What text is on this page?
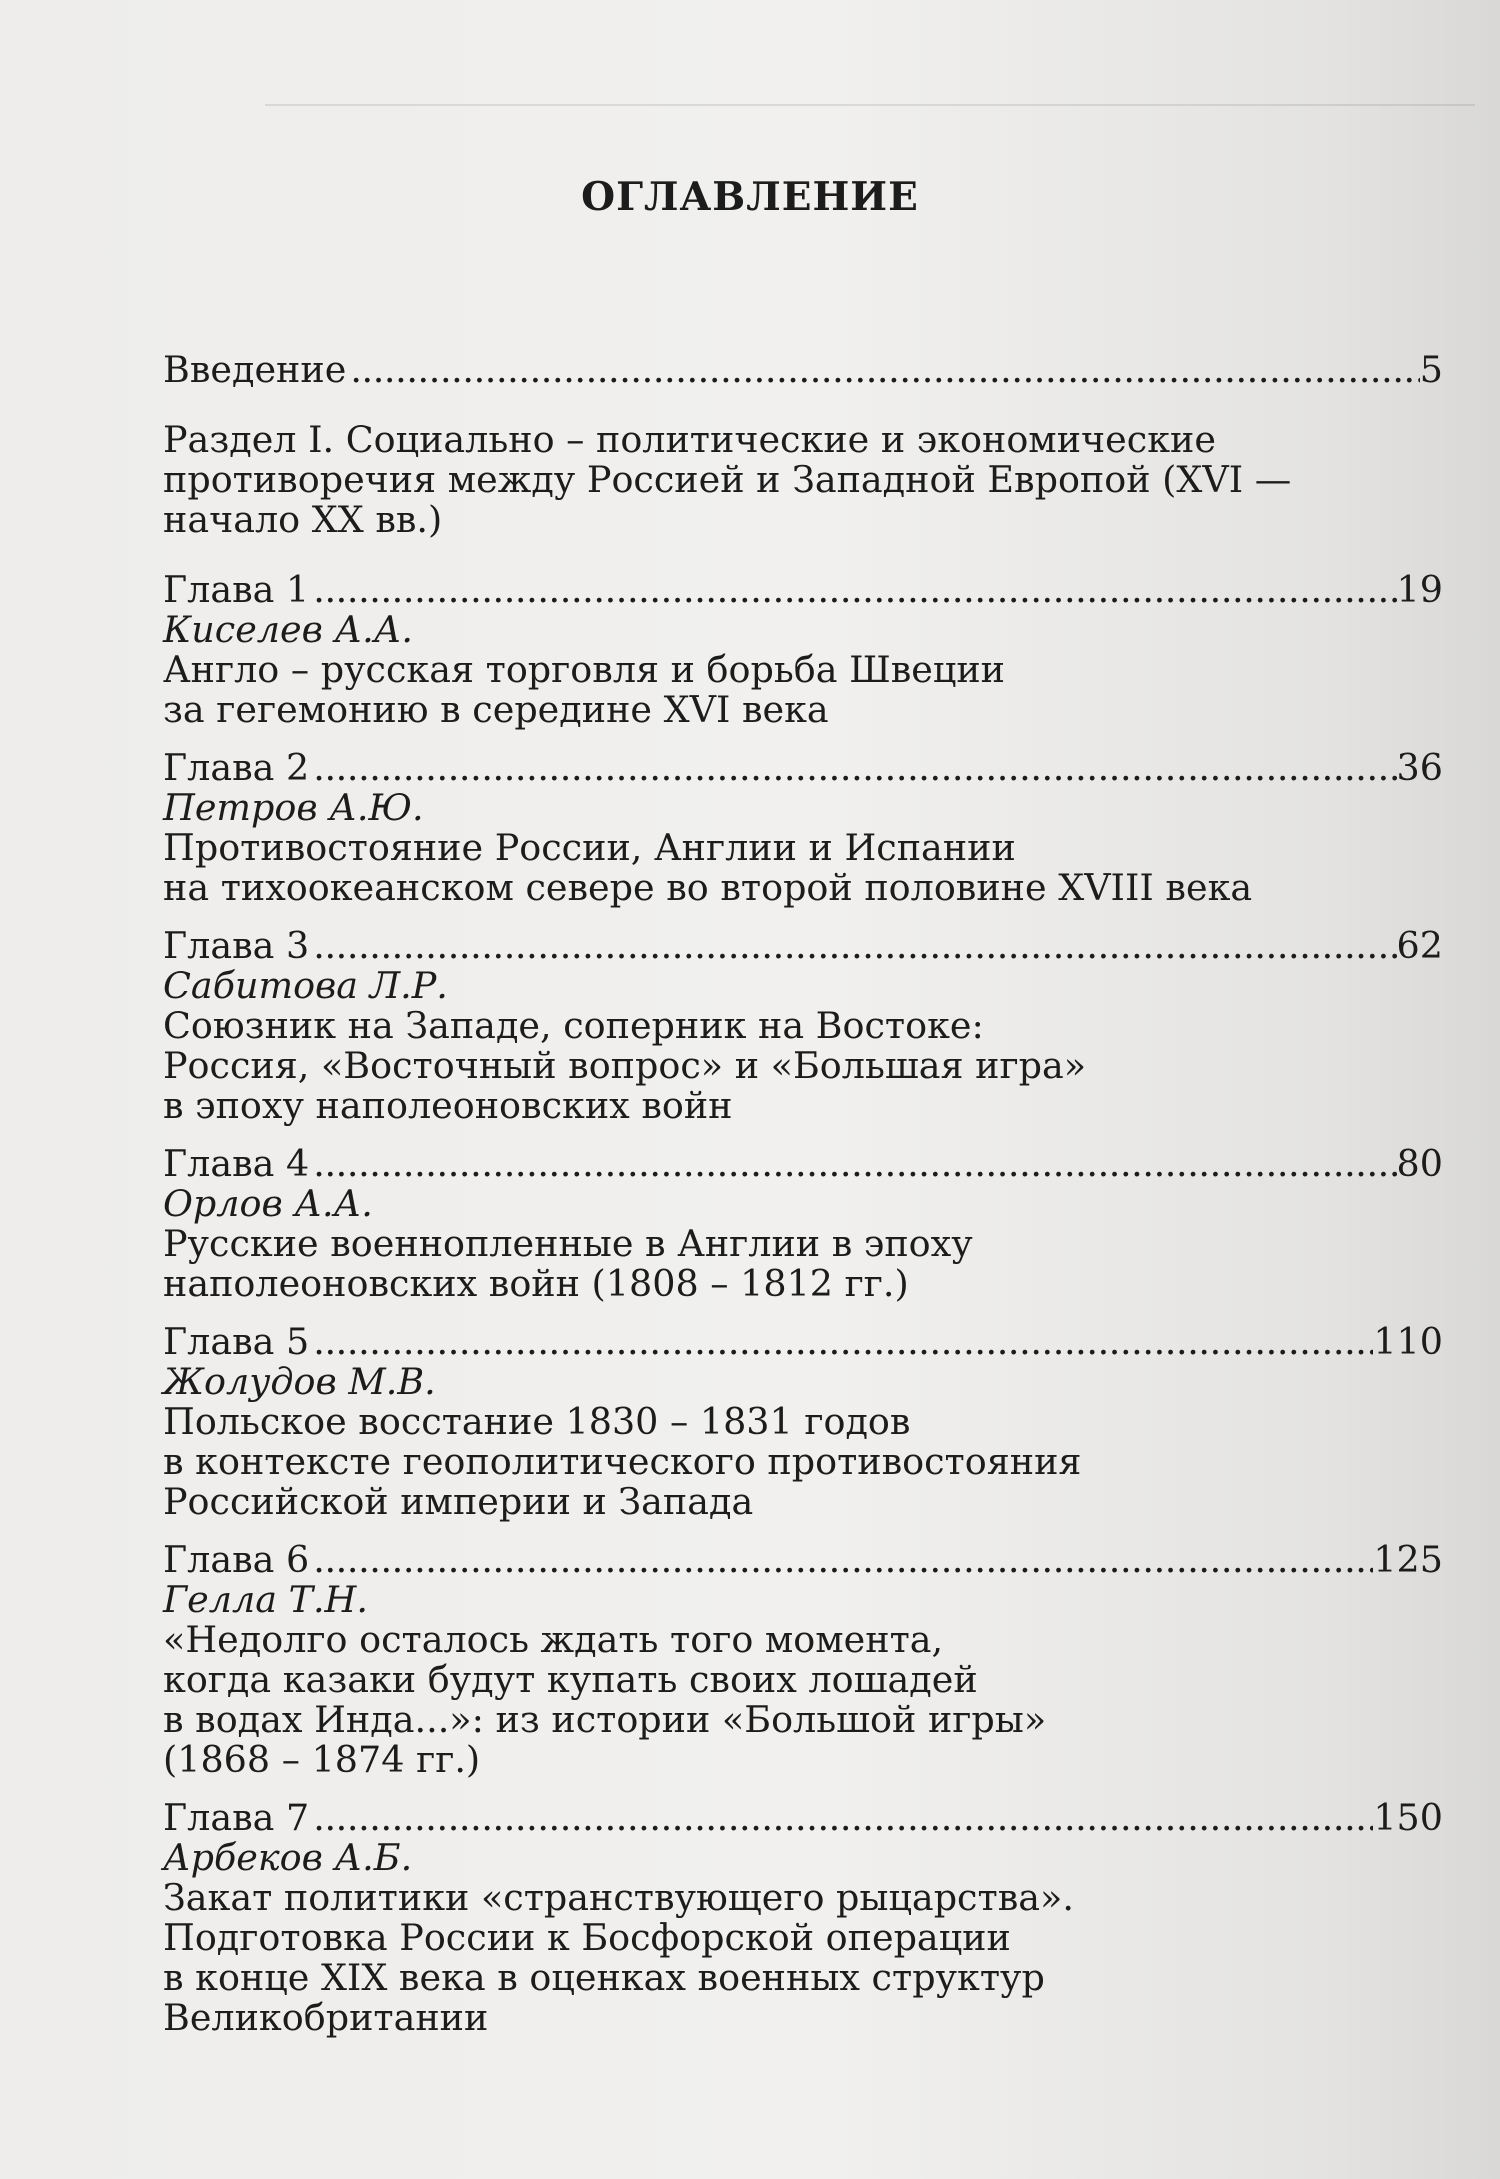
ОГЛАВЛЕНИЕ
Введение . . .	5
Раздел I. Социально – политические и экономические
противоречия между Россией и Западной Европой (XVI —
начало XX вв.)
Глава 1 . . .	19
Киселев А.А.
Англо – русская торговля и борьба Швеции
за гегемонию в середине XVI века
Глава 2 . . .	36
Петров А.Ю.
Противостояние России, Англии и Испании
на тихоокеанском севере во второй половине XVIII века
Глава 3 . . .	62
Сабитова Л.Р.
Союзник на Западе, соперник на Востоке:
Россия, «Восточный вопрос» и «Большая игра»
в эпоху наполеоновских войн
Глава 4 . . .	80
Орлов А.А.
Русские военнопленные в Англии в эпоху
наполеоновских войн (1808 – 1812 гг.)
Глава 5 . . .	110
Жолудов М.В.
Польское восстание 1830 – 1831 годов
в контексте геополитического противостояния
Российской империи и Запада
Глава 6 . . .	125
Гелла Т.Н.
«Недолго осталось ждать того момента,
когда казаки будут купать своих лошадей
в водах Инда...»: из истории «Большой игры»
(1868 – 1874 гг.)
Глава 7 . . .	150
Арбеков А.Б.
Закат политики «странствующего рыцарства».
Подготовка России к Босфорской операции
в конце XIX века в оценках военных структур
Великобритании
